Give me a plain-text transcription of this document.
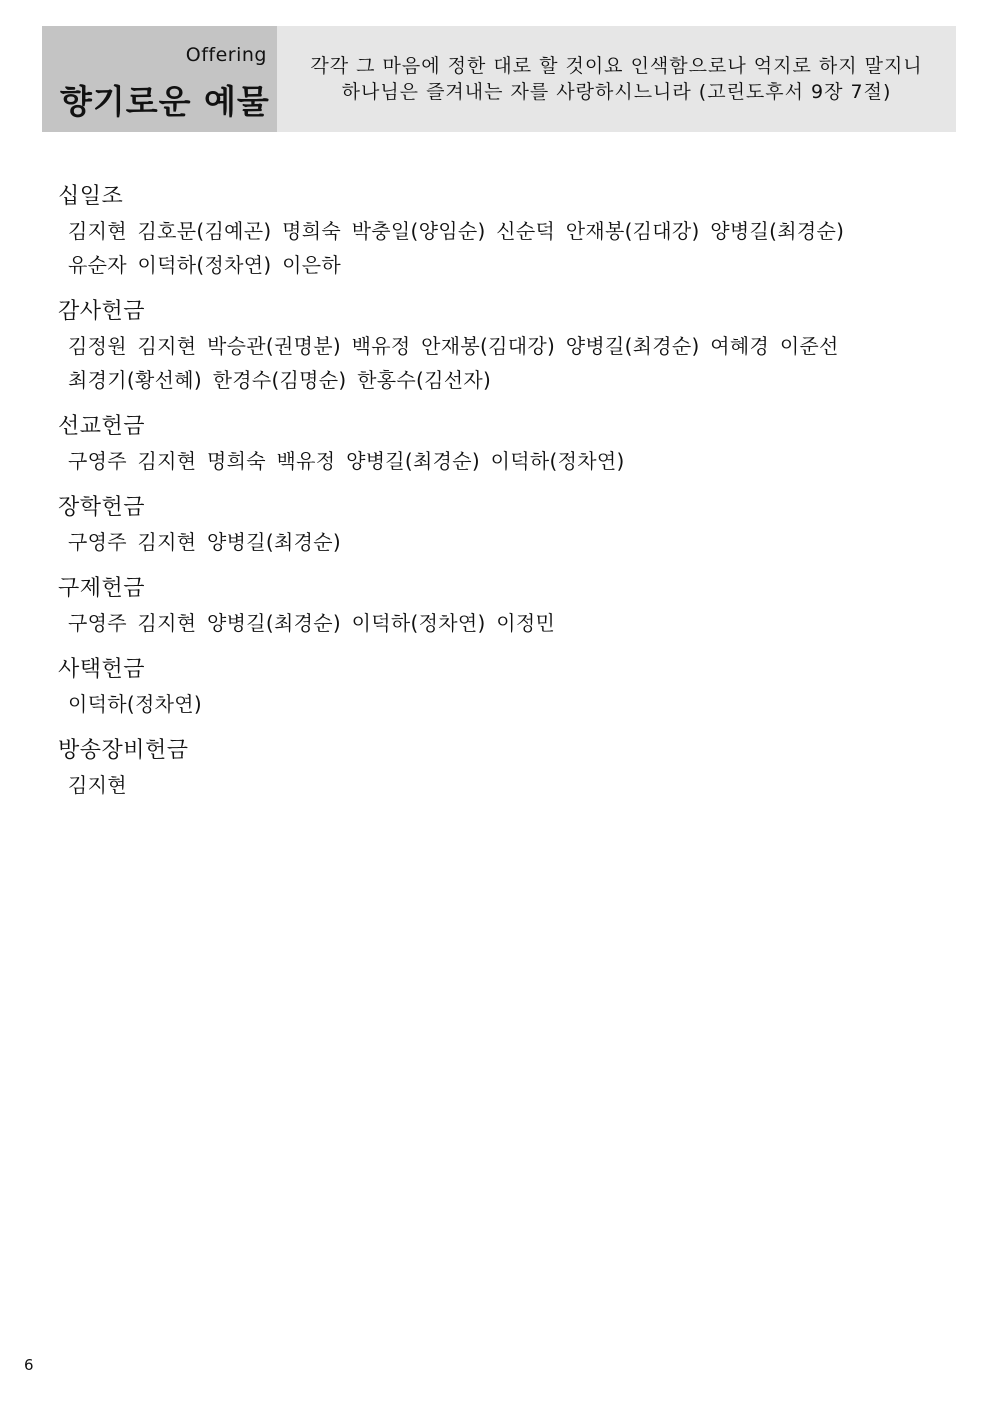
Offering
향기로운 예물
각각 그 마음에 정한 대로 할 것이요 인색함으로나 억지로 하지 말지니
하나님은 즐겨내는 자를 사랑하시느니라 (고린도후서 9장 7절)
십일조
김지현 김호문(김예곤) 명희숙 박충일(양임순) 신순덕 안재봉(김대강) 양병길(최경순)
유순자 이덕하(정차연) 이은하
감사헌금
김정원 김지현 박승관(권명분) 백유정 안재봉(김대강) 양병길(최경순) 여혜경 이준선
최경기(황선혜) 한경수(김명순) 한홍수(김선자)
선교헌금
구영주 김지현 명희숙 백유정 양병길(최경순) 이덕하(정차연)
장학헌금
구영주 김지현 양병길(최경순)
구제헌금
구영주 김지현 양병길(최경순) 이덕하(정차연) 이정민
사택헌금
이덕하(정차연)
방송장비헌금
김지현
6
